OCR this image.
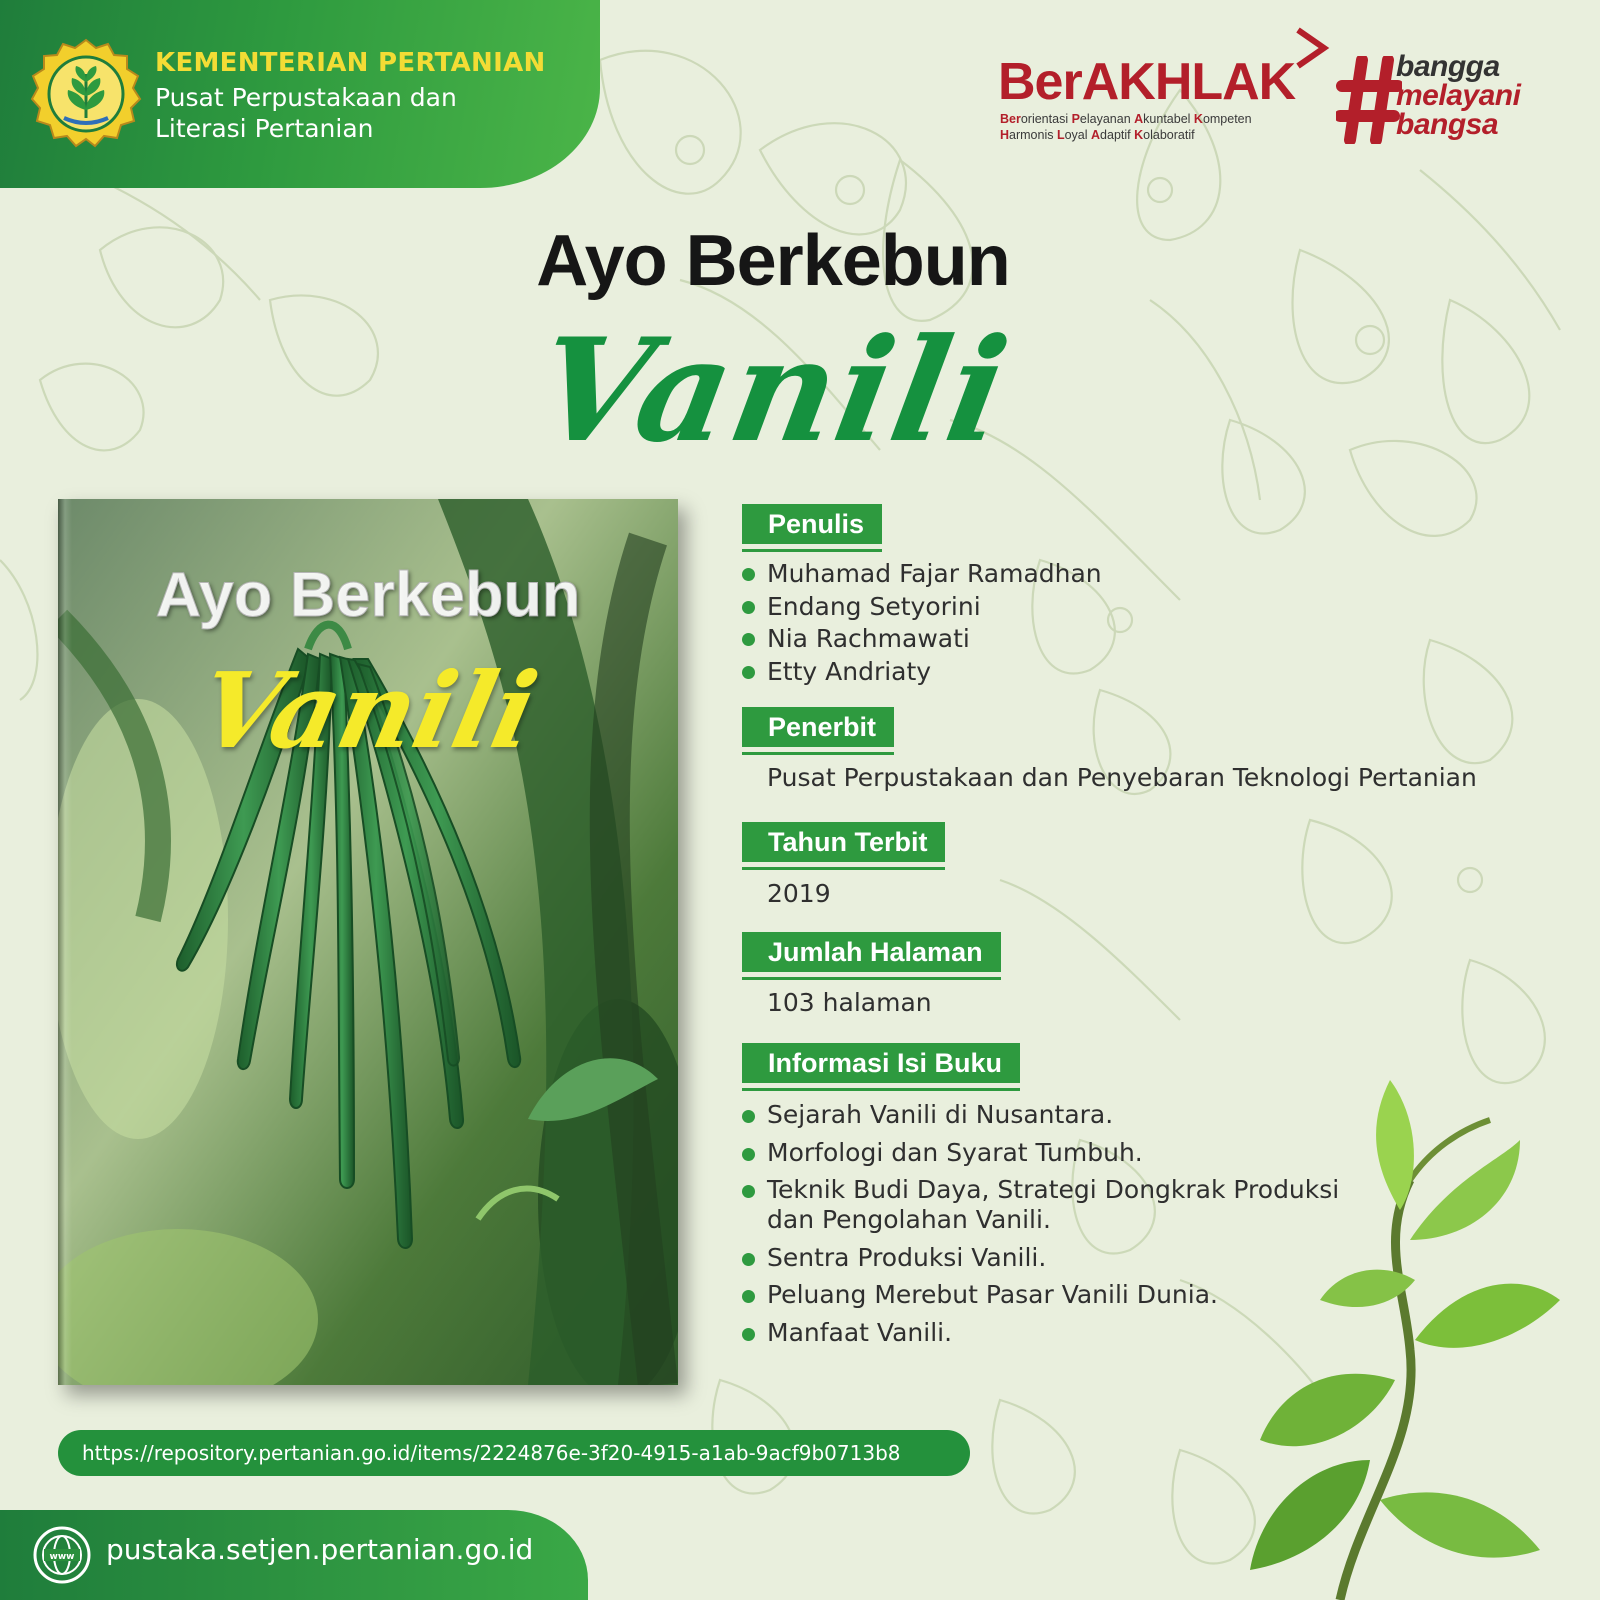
KEMENTERIAN PERTANIAN
Pusat Perpustakaan dan
Literasi Pertanian
BerAKHLAK
Berorientasi Pelayanan Akuntabel Kompeten
Harmonis Loyal Adaptif Kolaboratif
bangga
melayani
bangsa
Ayo Berkebun
Vanili
Ayo Berkebun
Vanili
Penulis
Muhamad Fajar Ramadhan
Endang Setyorini
Nia Rachmawati
Etty Andriaty
Penerbit
Pusat Perpustakaan dan Penyebaran Teknologi Pertanian
Tahun Terbit
2019
Jumlah Halaman
103 halaman
Informasi Isi Buku
Sejarah Vanili di Nusantara.
Morfologi dan Syarat Tumbuh.
Teknik Budi Daya, Strategi Dongkrak Produksi
dan Pengolahan Vanili.
Sentra Produksi Vanili.
Peluang Merebut Pasar Vanili Dunia.
Manfaat Vanili.
https://repository.pertanian.go.id/items/2224876e-3f20-4915-a1ab-9acf9b0713b8
www pustaka.setjen.pertanian.go.id
